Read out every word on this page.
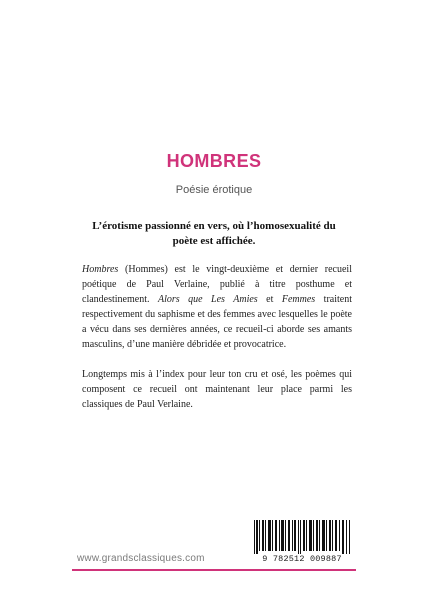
HOMBRES
Poésie érotique
L’érotisme passionné en vers, où l’homosexualité du poète est affichée.
Hombres (Hommes) est le vingt-deuxième et dernier recueil poétique de Paul Verlaine, publié à titre posthume et clandestinement. Alors que Les Amies et Femmes traitent respectivement du saphisme et des femmes avec lesquelles le poète a vécu dans ses dernières années, ce recueil-ci aborde ses amants masculins, d’une manière débridée et provocatrice.
Longtemps mis à l’index pour leur ton cru et osé, les poèmes qui composent ce recueil ont maintenant leur place parmi les classiques de Paul Verlaine.
www.grandsclassiques.com	9 782512 009887
